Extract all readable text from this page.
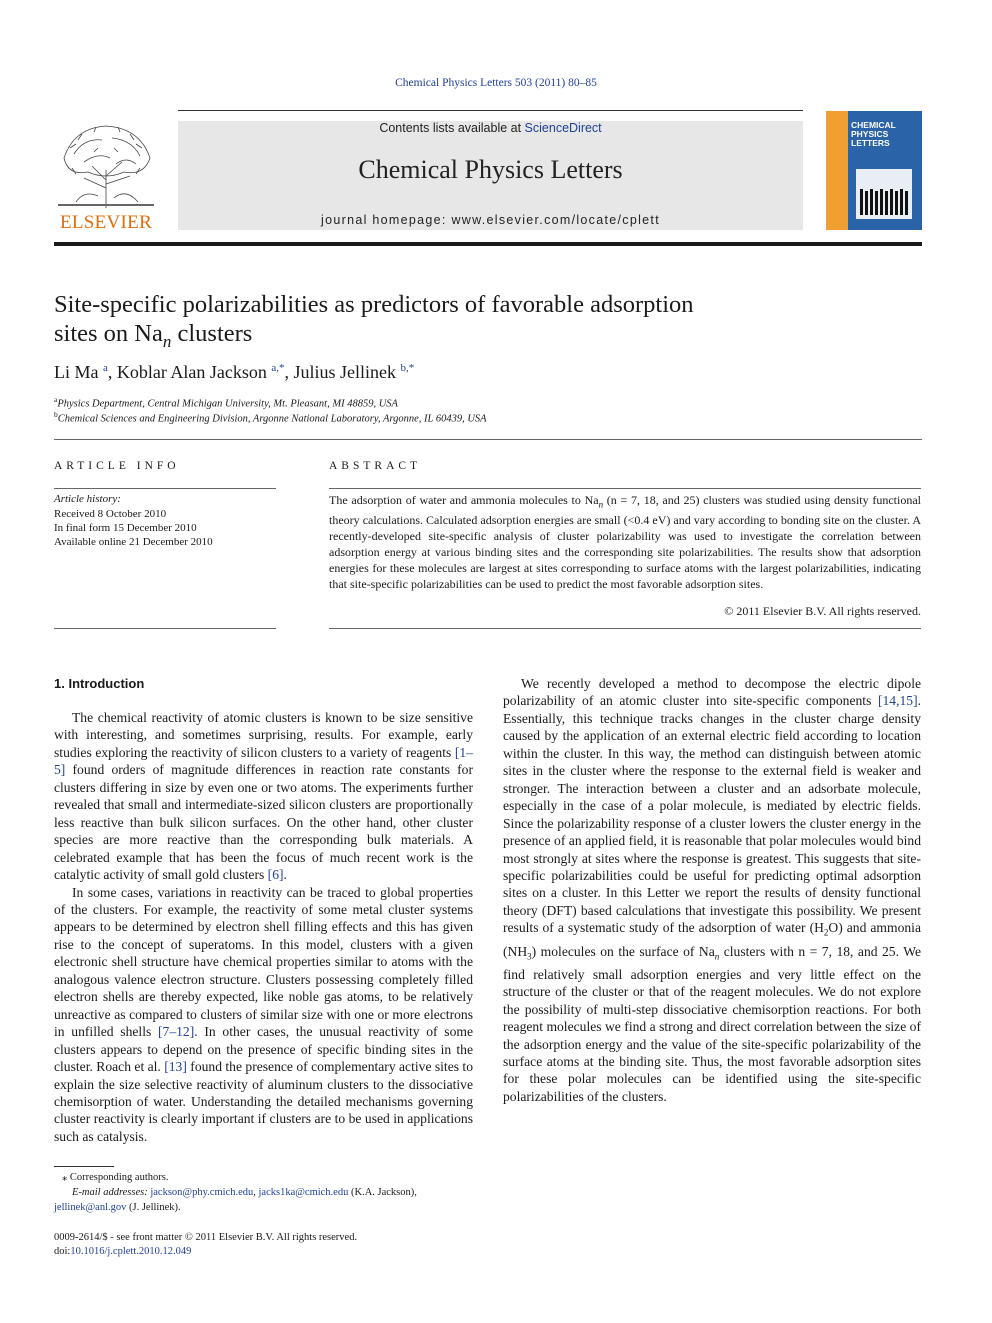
Chemical Physics Letters 503 (2011) 80–85
ELSEVIER
Contents lists available at ScienceDirect
Chemical Physics Letters
journal homepage: www.elsevier.com/locate/cplett
CHEMICAL
PHYSICS
LETTERS
Site-specific polarizabilities as predictors of favorable adsorption
sites on $Na_n$ clusters
Li Ma $^a$, Koblar Alan Jackson $^{a,*}$, Julius Jellinek $^{b,*}$
$^a$Physics Department, Central Michigan University, Mt. Pleasant, MI 48859, USA
$^b$Chemical Sciences and Engineering Division, Argonne National Laboratory, Argonne, IL 60439, USA
ARTICLE INFO
Article history:
Received 8 October 2010
In final form 15 December 2010
Available online 21 December 2010
ABSTRACT
The adsorption of water and ammonia molecules to $Na_n$ (n = 7, 18, and 25) clusters was studied using density functional theory calculations. Calculated adsorption energies are small (<0.4 eV) and vary according to bonding site on the cluster. A recently-developed site-specific analysis of cluster polarizability was used to investigate the correlation between adsorption energy at various binding sites and the corresponding site polarizabilities. The results show that adsorption energies for these molecules are largest at sites corresponding to surface atoms with the largest polarizabilities, indicating that site-specific polarizabilities can be used to predict the most favorable adsorption sites.
© 2011 Elsevier B.V. All rights reserved.
1. Introduction

The chemical reactivity of atomic clusters is known to be size sensitive with interesting, and sometimes surprising, results. For example, early studies exploring the reactivity of silicon clusters to a variety of reagents [1–5] found orders of magnitude differences in reaction rate constants for clusters differing in size by even one or two atoms. The experiments further revealed that small and intermediate-sized silicon clusters are proportionally less reactive than bulk silicon surfaces. On the other hand, other cluster species are more reactive than the corresponding bulk materials. A celebrated example that has been the focus of much recent work is the catalytic activity of small gold clusters [6].

In some cases, variations in reactivity can be traced to global properties of the clusters. For example, the reactivity of some metal cluster systems appears to be determined by electron shell filling effects and this has given rise to the concept of superatoms. In this model, clusters with a given electronic shell structure have chemical properties similar to atoms with the analogous valence electron structure. Clusters possessing completely filled electron shells are thereby expected, like noble gas atoms, to be relatively unreactive as compared to clusters of similar size with one or more electrons in unfilled shells [7–12]. In other cases, the unusual reactivity of some clusters appears to depend on the presence of specific binding sites in the cluster. Roach et al. [13] found the presence of complementary active sites to explain the size selective reactivity of aluminum clusters to the dissociative chemisorption of water. Understanding the detailed mechanisms governing cluster reactivity is clearly important if clusters are to be used in applications such as catalysis.

We recently developed a method to decompose the electric dipole polarizability of an atomic cluster into site-specific components [14,15]. Essentially, this technique tracks changes in the cluster charge density caused by the application of an external electric field according to location within the cluster. In this way, the method can distinguish between atomic sites in the cluster where the response to the external field is weaker and stronger. The interaction between a cluster and an adsorbate molecule, especially in the case of a polar molecule, is mediated by electric fields. Since the polarizability response of a cluster lowers the cluster energy in the presence of an applied field, it is reasonable that polar molecules would bind most strongly at sites where the response is greatest. This suggests that site-specific polarizabilities could be useful for predicting optimal adsorption sites on a cluster. In this Letter we report the results of density functional theory (DFT) based calculations that investigate this possibility. We present results of a systematic study of the adsorption of water $(H_2O)$ and ammonia $(NH_3)$ molecules on the surface of $Na_n$ clusters with n = 7, 18, and 25. We find relatively small adsorption energies and very little effect on the structure of the cluster or that of the reagent molecules. We do not explore the possibility of multi-step dissociative chemisorption reactions. For both reagent molecules we find a strong and direct correlation between the size of the adsorption energy and the value of the site-specific polarizability of the surface atoms at the binding site. Thus, the most favorable adsorption sites for these polar molecules can be identified using the site-specific polarizabilities of the clusters.

⁎ Corresponding authors.
E-mail addresses: jackson@phy.cmich.edu, jacks1ka@cmich.edu (K.A. Jackson),
jellinek@anl.gov (J. Jellinek).
0009-2614/$ - see front matter © 2011 Elsevier B.V. All rights reserved.
doi:10.1016/j.cplett.2010.12.049
